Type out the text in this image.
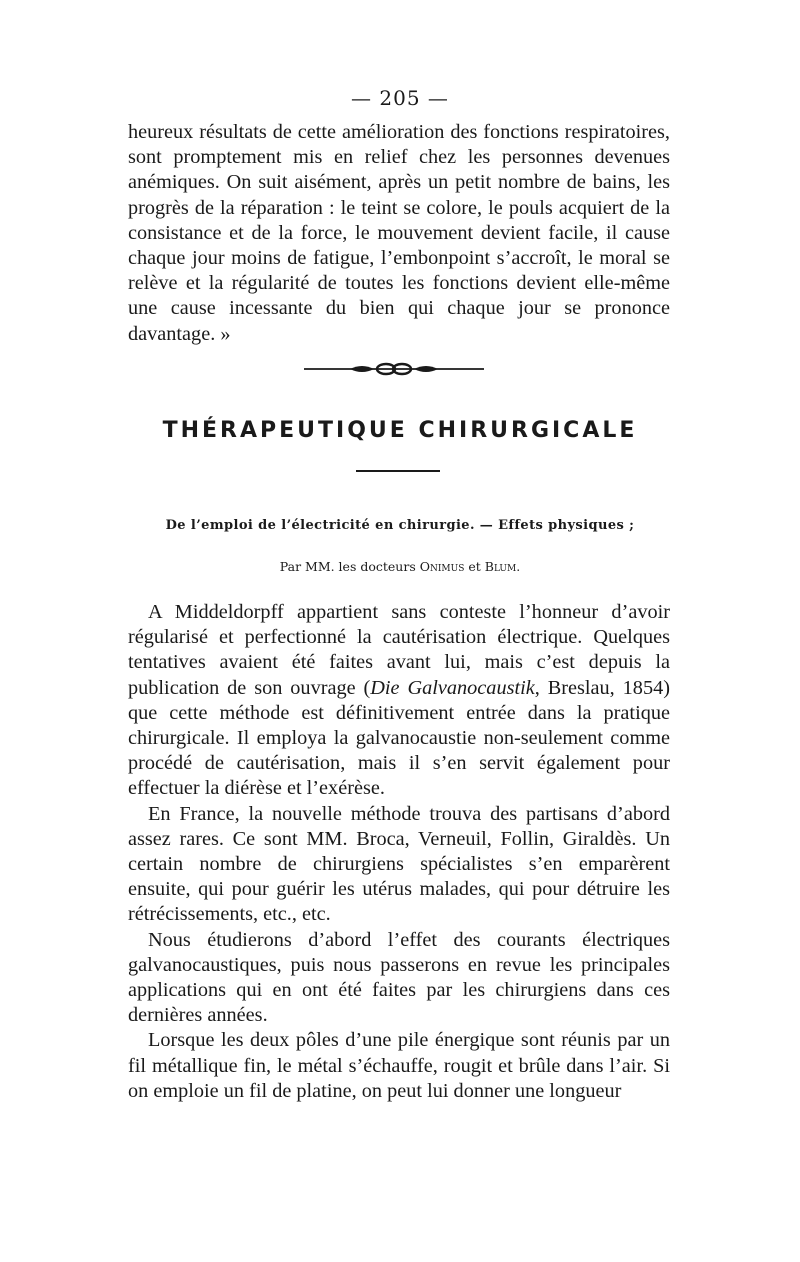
— 205 —

heureux résultats de cette amélioration des fonctions respiratoires, sont promptement mis en relief chez les personnes devenues anémiques. On suit aisément, après un petit nombre de bains, les progrès de la réparation : le teint se colore, le pouls acquiert de la consistance et de la force, le mouvement devient facile, il cause chaque jour moins de fatigue, l’embonpoint s’accroît, le moral se relève et la régularité de toutes les fonctions devient elle-même une cause incessante du bien qui chaque jour se prononce davantage. »

THÉRAPEUTIQUE CHIRURGICALE
De l’emploi de l’électricité en chirurgie. — Effets physiques ;
Par MM. les docteurs Onimus et Blum.

A Middeldorpff appartient sans conteste l’honneur d’avoir régularisé et perfectionné la cautérisation électrique. Quelques tentatives avaient été faites avant lui, mais c’est depuis la publication de son ouvrage (Die Galvanocaustik, Breslau, 1854) que cette méthode est définitivement entrée dans la pratique chirurgicale. Il employa la galvanocaustie non-seulement comme procédé de cautérisation, mais il s’en servit également pour effectuer la diérèse et l’exérèse.

En France, la nouvelle méthode trouva des partisans d’abord assez rares. Ce sont MM. Broca, Verneuil, Follin, Giraldès. Un certain nombre de chirurgiens spécialistes s’en emparèrent ensuite, qui pour guérir les utérus malades, qui pour détruire les rétrécissements, etc., etc.

Nous étudierons d’abord l’effet des courants électriques galvanocaustiques, puis nous passerons en revue les principales applications qui en ont été faites par les chirurgiens dans ces dernières années.

Lorsque les deux pôles d’une pile énergique sont réunis par un fil métallique fin, le métal s’échauffe, rougit et brûle dans l’air. Si on emploie un fil de platine, on peut lui donner une longueur
